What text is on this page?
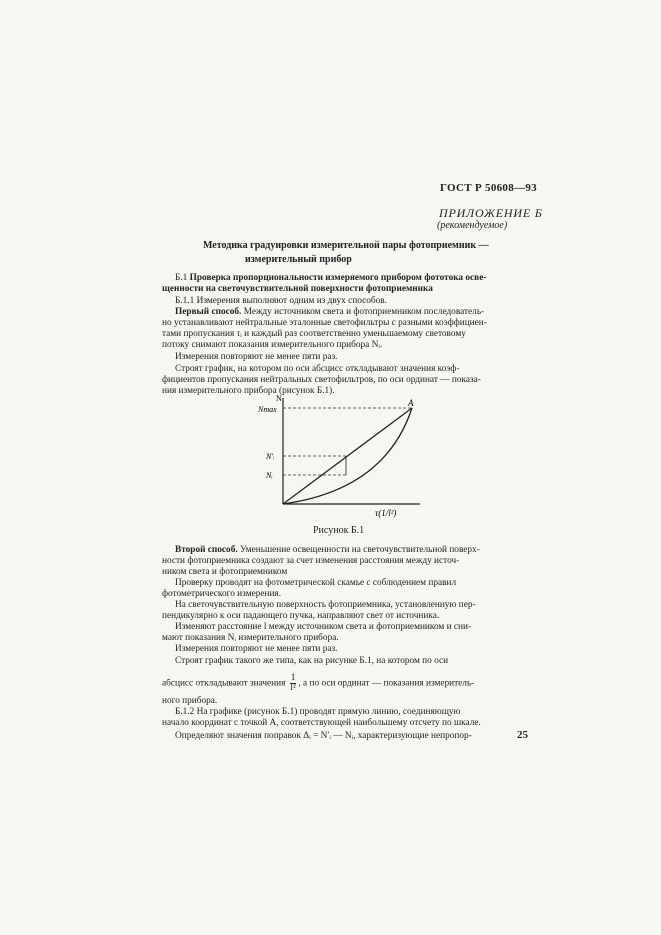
ГОСТ Р 50608—93
ПРИЛОЖЕНИЕ Б
(рекомендуемое)
Методика градуировки измерительной пары фотоприемник —
измерительный прибор
Б.1 Проверка пропорциональности измеряемого прибором фототока осве-
щенности на светочувствительной поверхности фотоприемника
Б.1.1 Измерения выполняют одним из двух способов.
Первый способ. Между источником света и фотоприемником последователь-
но устанавливают нейтральные эталонные светофильтры с разными коэффициен-
тами пропускания τᵢ и каждый раз соответственно уменьшаемому световому
потоку снимают показания измерительного прибора Nᵢ.
Измерения повторяют не менее пяти раз.
Строят график, на котором по оси абсцисс откладывают значения коэф-
фициентов пропускания нейтральных светофильтров, по оси ординат — показа-
ния измерительного прибора (рисунок Б.1).
N
Nmax
N′ᵢ
Nᵢ
A
τ(1/l²)
Рисунок Б.1
Второй способ. Уменьшение освещенности на светочувствительной поверх-
ности фотоприемника создают за счет изменения расстояния между источ-
ником света и фотоприемником
Проверку проводят на фотометрической скамье с соблюдением правил
фотометрического измерения.
На светочувствительную поверхность фотоприемника, установленную пер-
пендикулярно к оси падающего пучка, направляют свет от источника.
Изменяют расстояние l между источником света и фотоприемником и сни-
мают показания Nᵢ измерительного прибора.
Измерения повторяют не менее пяти раз.
Строят график такого же типа, как на рисунке Б.1, на котором по оси
абсцисс откладывают значения $\frac{1}{\text{l²}}$ , а по оси ординат — показания измеритель-
ного прибора.
Б.1.2 На графике (рисунок Б.1) проводят прямую линию, соединяющую
начало координат с точкой А, соответствующей наибольшему отсчету по шкале.
Определяют значения поправок Δᵢ = N′ᵢ — Nᵢ, характеризующие непропор-	25
